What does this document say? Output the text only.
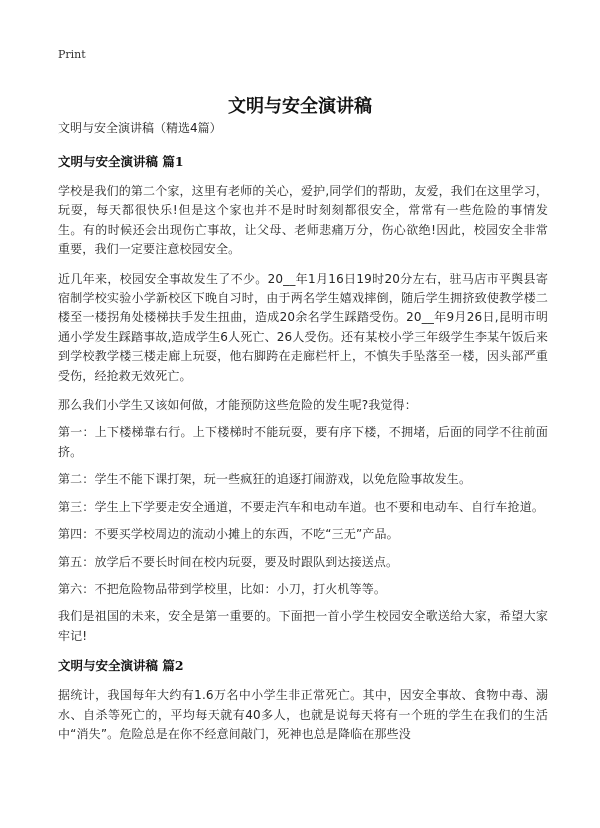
Print
文明与安全演讲稿

文明与安全演讲稿（精选4篇）

文明与安全演讲稿 篇1

学校是我们的第二个家，这里有老师的关心，爱护,同学们的帮助，友爱，我们在这里学习，玩耍，每天都很快乐!但是这个家也并不是时时刻刻都很安全，常常有一些危险的事情发生。有的时候还会出现伤亡事故，让父母、老师悲痛万分，伤心欲绝!因此，校园安全非常重要，我们一定要注意校园安全。

近几年来，校园安全事故发生了不少。20__年1月16日19时20分左右，驻马店市平舆县寄宿制学校实验小学新校区下晚自习时，由于两名学生嬉戏摔倒，随后学生拥挤致使教学楼二楼至一楼拐角处楼梯扶手发生扭曲，造成20余名学生踩踏受伤。20__年9月26日,昆明市明通小学发生踩踏事故,造成学生6人死亡、26人受伤。还有某校小学三年级学生李某午饭后来到学校教学楼三楼走廊上玩耍，他右脚跨在走廊栏杆上，不慎失手坠落至一楼，因头部严重受伤，经抢救无效死亡。

那么我们小学生又该如何做，才能预防这些危险的发生呢?我觉得：

第一：上下楼梯靠右行。上下楼梯时不能玩耍，要有序下楼，不拥堵，后面的同学不往前面挤。

第二：学生不能下课打架，玩一些疯狂的追逐打闹游戏，以免危险事故发生。

第三：学生上下学要走安全通道，不要走汽车和电动车道。也不要和电动车、自行车抢道。

第四：不要买学校周边的流动小摊上的东西，不吃“三无”产品。

第五：放学后不要长时间在校内玩耍，要及时跟队到达接送点。

第六：不把危险物品带到学校里，比如：小刀，打火机等等。

我们是祖国的未来，安全是第一重要的。下面把一首小学生校园安全歌送给大家，希望大家牢记!

文明与安全演讲稿 篇2

据统计，我国每年大约有1.6万名中小学生非正常死亡。其中，因安全事故、食物中毒、溺水、自杀等死亡的，平均每天就有40多人，也就是说每天将有一个班的学生在我们的生活中“消失”。危险总是在你不经意间敲门，死神也总是降临在那些没
